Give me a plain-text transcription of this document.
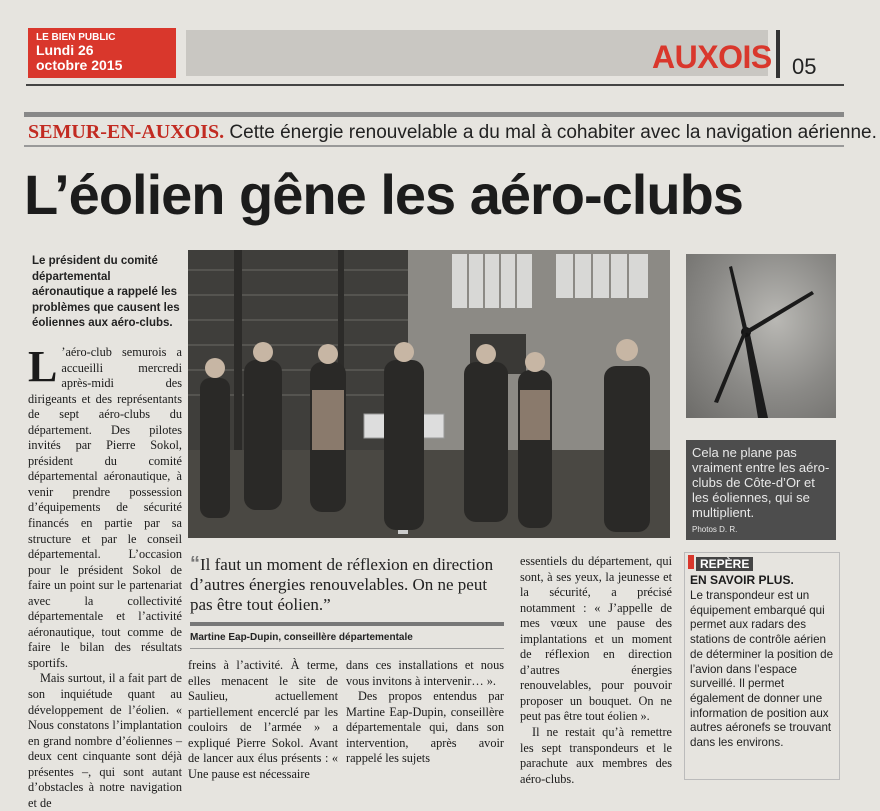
LE BIEN PUBLIC
Lundi 26
octobre 2015	AUXOIS 05
SEMUR-EN-AUXOIS. Cette énergie renouvelable a du mal à cohabiter avec la navigation aérienne.
L’éolien gêne les aéro-clubs
Le président du comité départemental aéronautique a rappelé les problèmes que causent les éoliennes aux aéro-clubs.

L ’aéro-club semurois a accueilli mercredi après-midi des dirigeants et des représentants de sept aéro-clubs du département. Des pilotes invités par Pierre Sokol, président du comité départemental aéronautique, à venir prendre possession d’équipements de sécurité financés en partie par sa structure et par le conseil départemental. L’occasion pour le président Sokol de faire un point sur le partenariat avec la collectivité départementale et l’activité aéronautique, tout comme de faire le bilan des résultats sportifs.

Mais surtout, il a fait part de son inquiétude quant au développement de l’éolien. « Nous constatons l’implantation en grand nombre d’éoliennes – deux cent cinquante sont déjà présentes –, qui sont autant d’obstacles à notre navigation et de

Cela ne plane pas vraiment entre les aéro-clubs de Côte-d’Or et les éoliennes, qui se multiplient.
Photos D. R.
“Il faut un moment de réflexion en direction d’autres énergies renouvelables. On ne peut pas être tout éolien.”
Martine Eap-Dupin, conseillère départementale

freins à l’activité. À terme, elles menacent le site de Saulieu, actuellement partiellement encerclé par les couloirs de l’armée » a expliqué Pierre Sokol. Avant de lancer aux élus présents : « Une pause est nécessaire

dans ces installations et nous vous invitons à intervenir… ».

Des propos entendus par Martine Eap-Dupin, conseillère départementale qui, dans son intervention, après avoir rappelé les sujets

essentiels du département, qui sont, à ses yeux, la jeunesse et la sécurité, a précisé notamment : « J’appelle de mes vœux une pause des implantations et un moment de réflexion en direction d’autres énergies renouvelables, pour pouvoir proposer un bouquet. On ne peut pas être tout éolien ».

Il ne restait qu’à remettre les sept transpondeurs et le parachute aux membres des aéro-clubs.

REPÈRE
EN SAVOIR PLUS.
Le transpondeur est un équipement embarqué qui permet aux radars des stations de contrôle aérien de déterminer la position de l’avion dans l’espace surveillé. Il permet également de donner une information de position aux autres aéronefs se trouvant dans les environs.
